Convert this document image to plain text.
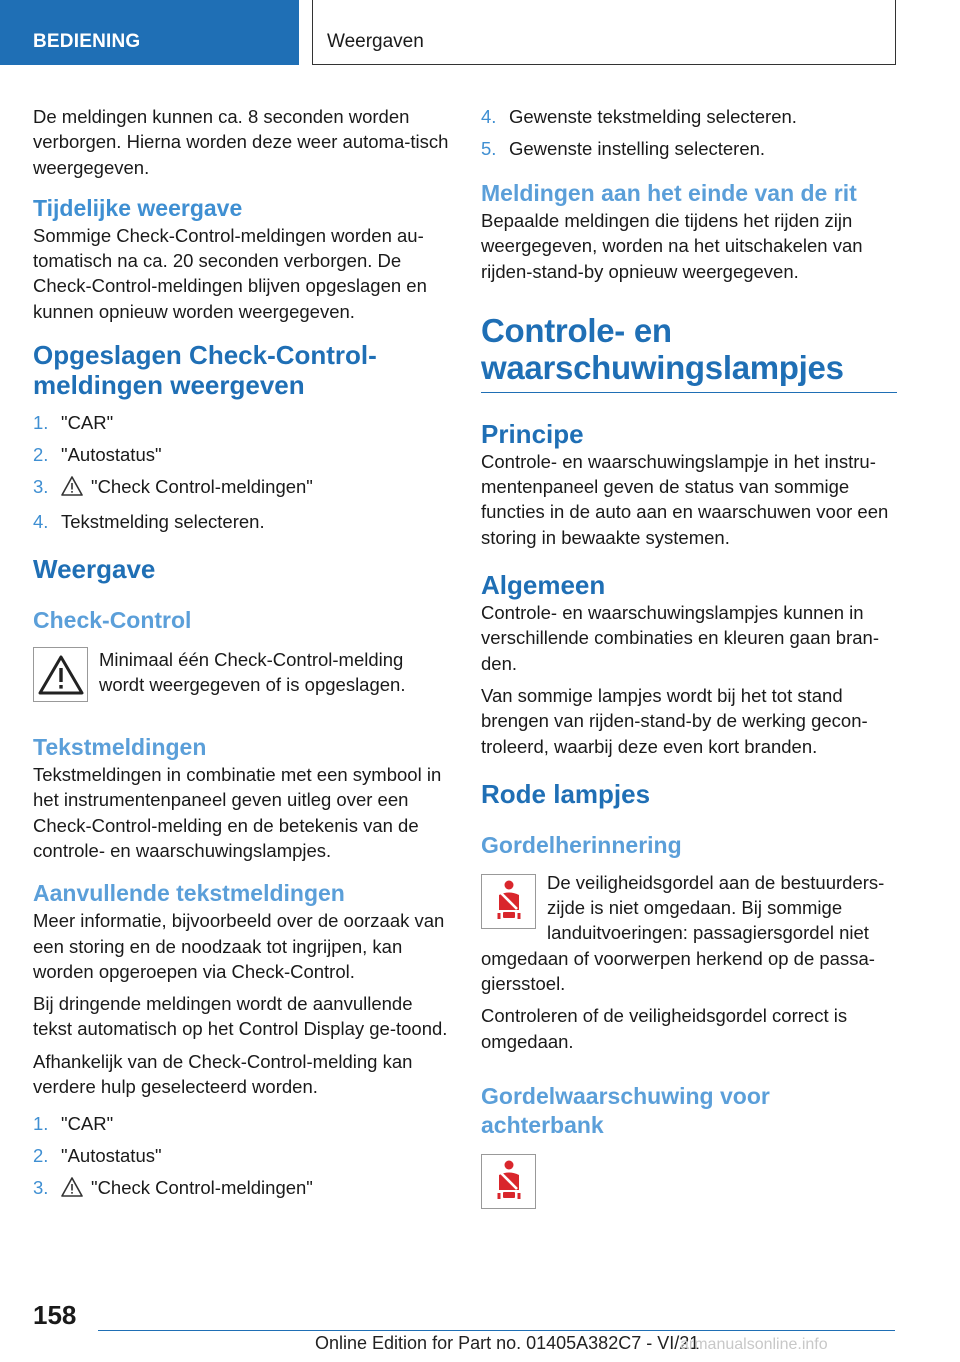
BEDIENING	Weergaven

De meldingen kunnen ca. 8 seconden worden verborgen. Hierna worden deze weer automa-tisch weergegeven.

Tijdelijke weergave

Sommige Check-Control-meldingen worden au-tomatisch na ca. 20 seconden verborgen. De Check-Control-meldingen blijven opgeslagen en kunnen opnieuw worden weergegeven.

Opgeslagen Check-Control-
meldingen weergeven
1. "CAR"
2. "Autostatus"
3. "Check Control-meldingen"
4. Tekstmelding selecteren.
Weergave
Check-Control

Minimaal één Check-Control-melding wordt weergegeven of is opgeslagen.

Tekstmeldingen

Tekstmeldingen in combinatie met een symbool in het instrumentenpaneel geven uitleg over een Check-Control-melding en de betekenis van de controle- en waarschuwingslampjes.

Aanvullende tekstmeldingen

Meer informatie, bijvoorbeeld over de oorzaak van een storing en de noodzaak tot ingrijpen, kan worden opgeroepen via Check-Control.

Bij dringende meldingen wordt de aanvullende tekst automatisch op het Control Display ge-toond.

Afhankelijk van de Check-Control-melding kan verdere hulp geselecteerd worden.

1. "CAR"
2. "Autostatus"
3. "Check Control-meldingen"
4. Gewenste tekstmelding selecteren.
5. Gewenste instelling selecteren.
Meldingen aan het einde van de rit

Bepaalde meldingen die tijdens het rijden zijn weergegeven, worden na het uitschakelen van rijden-stand-by opnieuw weergegeven.

Controle- en
waarschuwingslampjes
Principe

Controle- en waarschuwingslampje in het instru-mentenpaneel geven de status van sommige functies in de auto aan en waarschuwen voor een storing in bewaakte systemen.

Algemeen

Controle- en waarschuwingslampjes kunnen in verschillende combinaties en kleuren gaan bran-den.

Van sommige lampjes wordt bij het tot stand brengen van rijden-stand-by de werking gecon-troleerd, waarbij deze even kort branden.

Rode lampjes
Gordelherinnering

De veiligheidsgordel aan de bestuurders-zijde is niet omgedaan. Bij sommige landuitvoeringen: passagiersgordel niet

omgedaan of voorwerpen herkend op de passa-giersstoel.

Controleren of de veiligheidsgordel correct is omgedaan.

Gordelwaarschuwing voor
achterbank
158
Online Edition for Part no. 01405A382C7 - VI/21
armanualsonline.info
